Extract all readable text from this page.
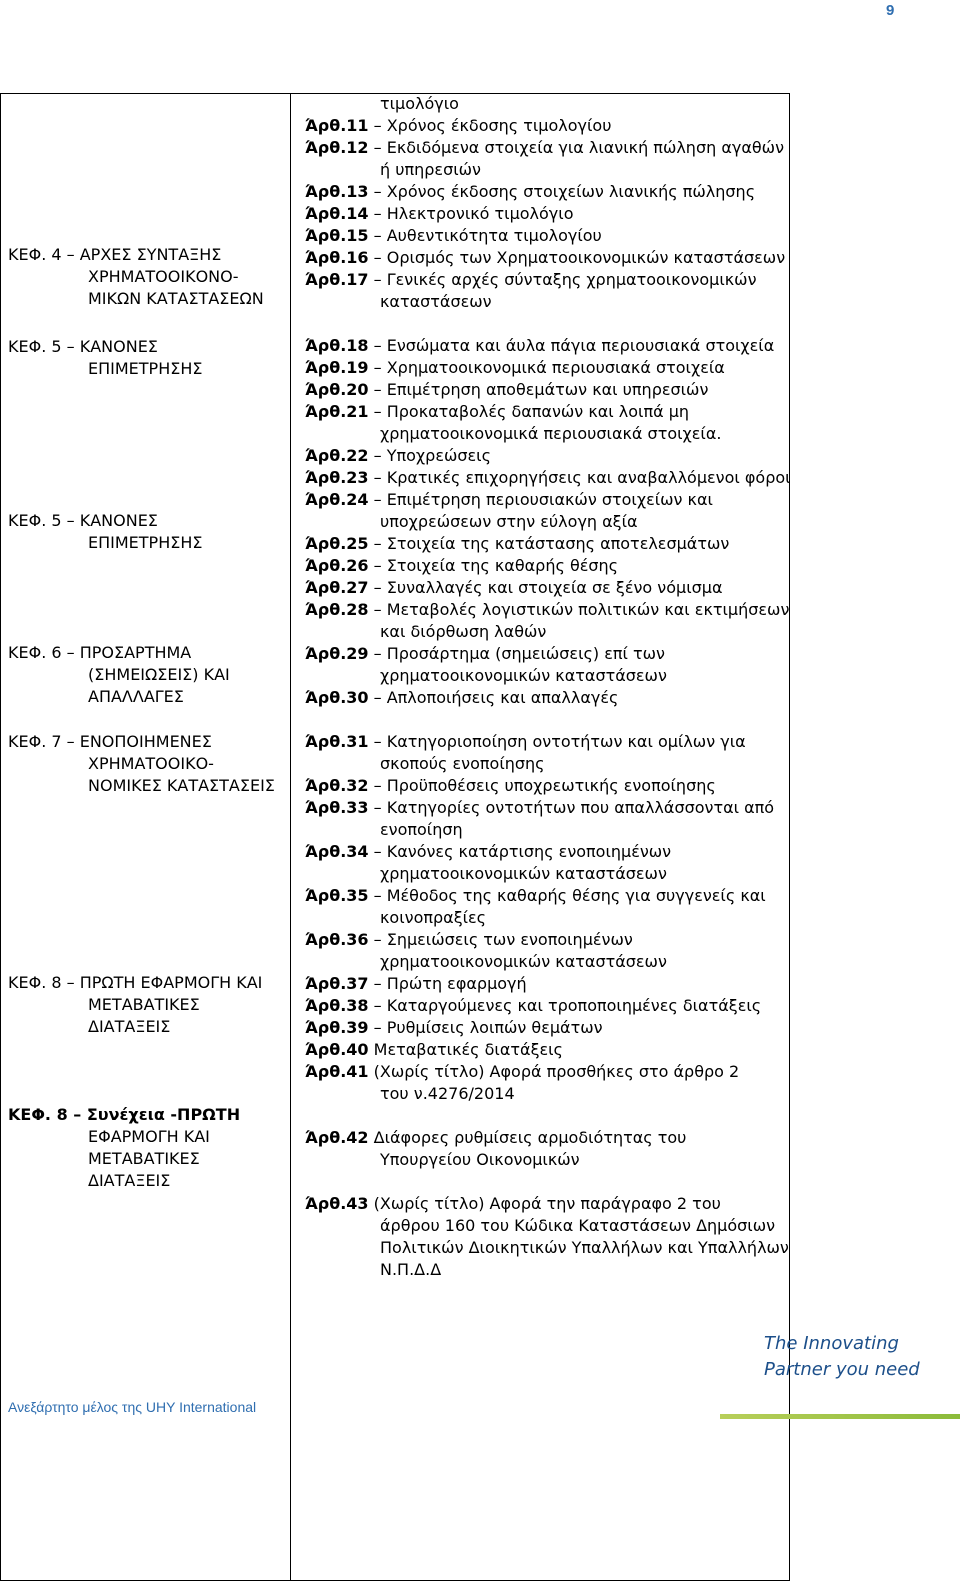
9
ΚΕΦ. 4 – ΑΡΧΕΣ ΣΥΝΤΑΞΗΣ
ΧΡΗΜΑΤΟΟΙΚΟΝΟ-
ΜΙΚΩΝ ΚΑΤΑΣΤΑΣΕΩΝ
ΚΕΦ. 5 – ΚΑΝΟΝΕΣ
ΕΠΙΜΕΤΡΗΣΗΣ
ΚΕΦ. 5 – ΚΑΝΟΝΕΣ
ΕΠΙΜΕΤΡΗΣΗΣ
ΚΕΦ. 6 – ΠΡΟΣΑΡΤΗΜΑ
(ΣΗΜΕΙΩΣΕΙΣ) ΚΑΙ
ΑΠΑΛΛΑΓΕΣ
ΚΕΦ. 7 – ΕΝΟΠΟΙΗΜΕΝΕΣ
ΧΡΗΜΑΤΟΟΙΚΟ-
ΝΟΜΙΚΕΣ ΚΑΤΑΣΤΑΣΕΙΣ
ΚΕΦ. 8 – ΠΡΩΤΗ ΕΦΑΡΜΟΓΗ ΚΑΙ
ΜΕΤΑΒΑΤΙΚΕΣ
ΔΙΑΤΑΞΕΙΣ
ΚΕΦ. 8 – Συνέχεια -ΠΡΩΤΗ
ΕΦΑΡΜΟΓΗ ΚΑΙ
ΜΕΤΑΒΑΤΙΚΕΣ
ΔΙΑΤΑΞΕΙΣ
τιμολόγιο
Άρθ.11 – Χρόνος έκδοσης τιμολογίου
Άρθ.12 – Εκδιδόμενα στοιχεία για λιανική πώληση αγαθών
ή υπηρεσιών
Άρθ.13 – Χρόνος έκδοσης στοιχείων λιανικής πώλησης
Άρθ.14 – Ηλεκτρονικό τιμολόγιο
Άρθ.15 – Αυθεντικότητα τιμολογίου
Άρθ.16 – Ορισμός των Χρηματοοικονομικών καταστάσεων
Άρθ.17 – Γενικές αρχές σύνταξης χρηματοοικονομικών
καταστάσεων
Άρθ.18 – Ενσώματα και άυλα πάγια περιουσιακά στοιχεία
Άρθ.19 – Χρηματοοικονομικά περιουσιακά στοιχεία
Άρθ.20 – Επιμέτρηση αποθεμάτων και υπηρεσιών
Άρθ.21 – Προκαταβολές δαπανών και λοιπά μη
χρηματοοικονομικά περιουσιακά στοιχεία.
Άρθ.22 – Υποχρεώσεις
Άρθ.23 – Κρατικές επιχορηγήσεις και αναβαλλόμενοι φόροι
Άρθ.24 – Επιμέτρηση περιουσιακών στοιχείων και
υποχρεώσεων στην εύλογη αξία
Άρθ.25 – Στοιχεία της κατάστασης αποτελεσμάτων
Άρθ.26 – Στοιχεία της καθαρής θέσης
Άρθ.27 – Συναλλαγές και στοιχεία σε ξένο νόμισμα
Άρθ.28 – Μεταβολές λογιστικών πολιτικών και εκτιμήσεων
και διόρθωση λαθών
Άρθ.29 – Προσάρτημα (σημειώσεις) επί των
χρηματοοικονομικών καταστάσεων
Άρθ.30 – Απλοποιήσεις και απαλλαγές
Άρθ.31 – Κατηγοριοποίηση οντοτήτων και ομίλων για
σκοπούς ενοποίησης
Άρθ.32 – Προϋποθέσεις υποχρεωτικής ενοποίησης
Άρθ.33 – Κατηγορίες οντοτήτων που απαλλάσσονται από
ενοποίηση
Άρθ.34 – Κανόνες κατάρτισης ενοποιημένων
χρηματοοικονομικών καταστάσεων
Άρθ.35 – Μέθοδος της καθαρής θέσης για συγγενείς και
κοινοπραξίες
Άρθ.36 – Σημειώσεις των ενοποιημένων
χρηματοοικονομικών καταστάσεων
Άρθ.37 – Πρώτη εφαρμογή
Άρθ.38 – Καταργούμενες και τροποποιημένες διατάξεις
Άρθ.39 – Ρυθμίσεις λοιπών θεμάτων
Άρθ.40 Μεταβατικές διατάξεις
Άρθ.41 (Χωρίς τίτλο) Αφορά προσθήκες στο άρθρο 2
του ν.4276/2014
Άρθ.42 Διάφορες ρυθμίσεις αρμοδιότητας του
Υπουργείου Οικονομικών
Άρθ.43 (Χωρίς τίτλο) Αφορά την παράγραφο 2 του
άρθρου 160 του Κώδικα Καταστάσεων Δημόσιων
Πολιτικών Διοικητικών Υπαλλήλων και Υπαλλήλων
Ν.Π.Δ.Δ
Ανεξάρτητο μέλος της UHY International
The Innovating
Partner you need
